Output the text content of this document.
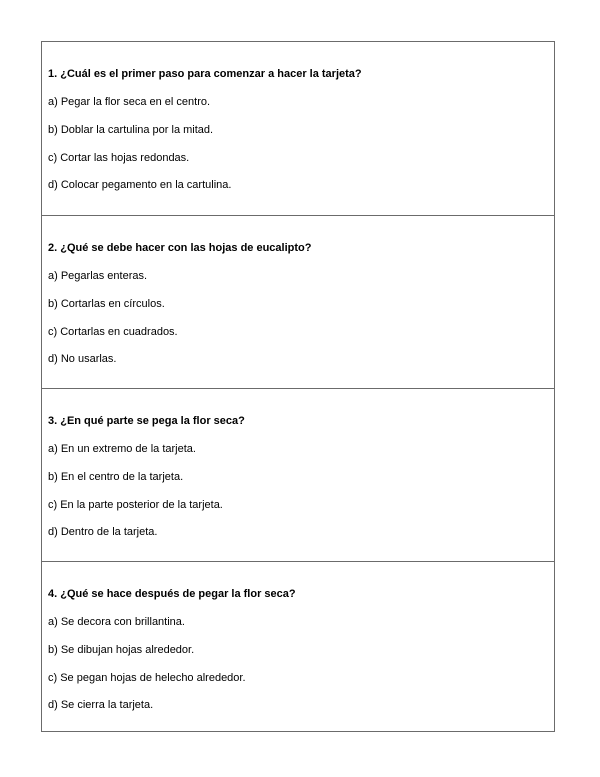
1. ¿Cuál es el primer paso para comenzar a hacer la tarjeta?

a) Pegar la flor seca en el centro.
b) Doblar la cartulina por la mitad.
c) Cortar las hojas redondas.
d) Colocar pegamento en la cartulina.

2. ¿Qué se debe hacer con las hojas de eucalipto?

a) Pegarlas enteras.
b) Cortarlas en círculos.
c) Cortarlas en cuadrados.
d) No usarlas.

3. ¿En qué parte se pega la flor seca?

a) En un extremo de la tarjeta.
b) En el centro de la tarjeta.
c) En la parte posterior de la tarjeta.
d) Dentro de la tarjeta.

4. ¿Qué se hace después de pegar la flor seca?

a) Se decora con brillantina.
b) Se dibujan hojas alrededor.
c) Se pegan hojas de helecho alrededor.
d) Se cierra la tarjeta.
